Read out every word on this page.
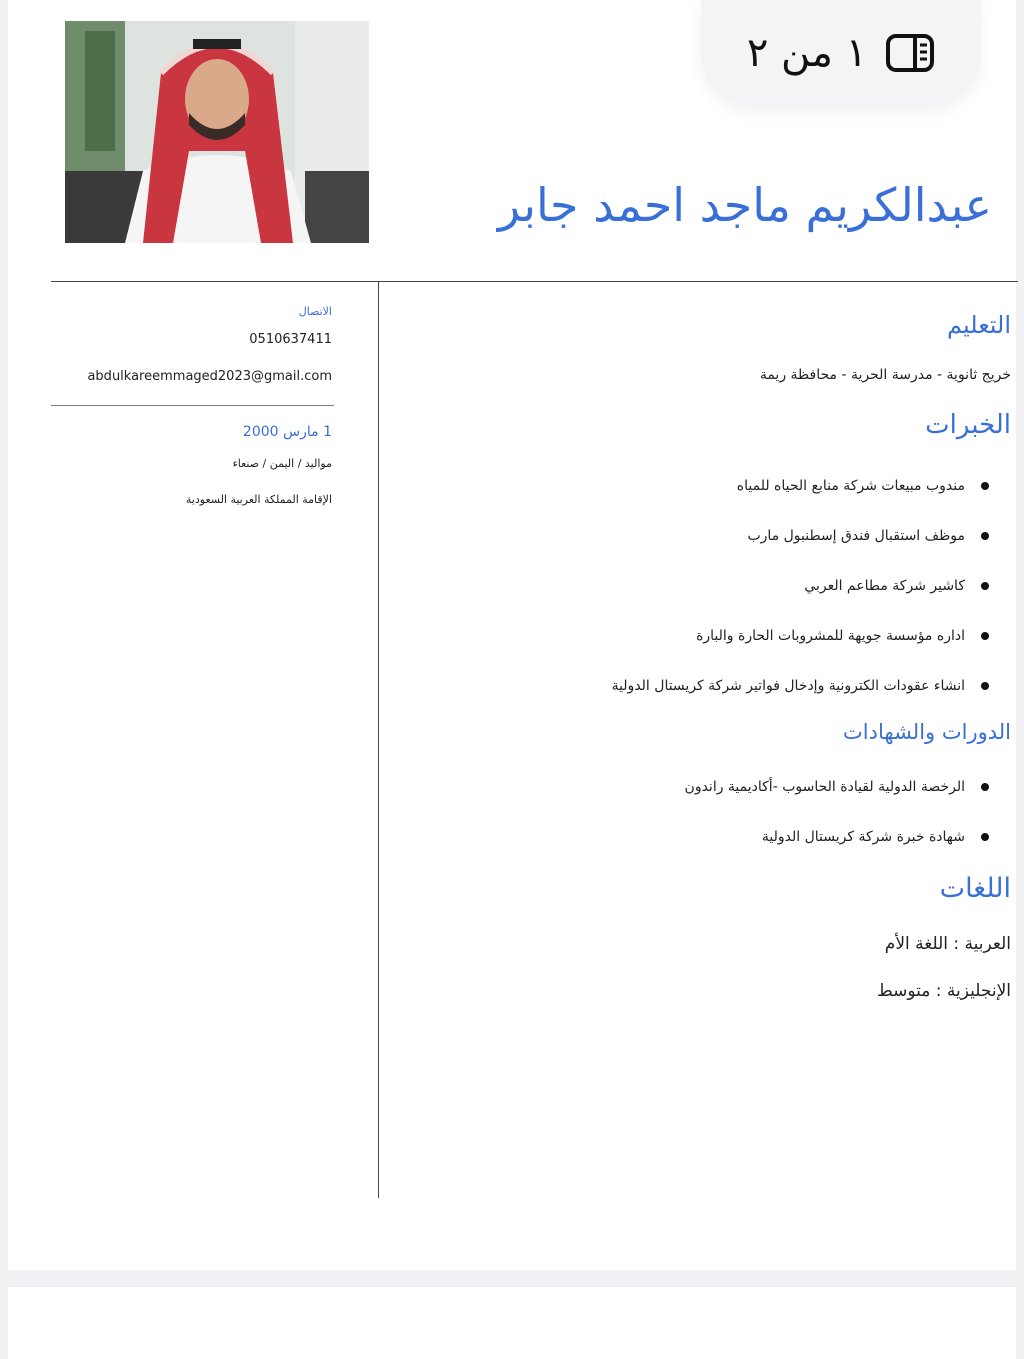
١ من ٢
عبدالكريم ماجد احمد جابر
الاتصال
0510637411
abdulkareemmaged2023@gmail.com
1 مارس 2000
مواليد / اليمن / صنعاء
الإقامة المملكة العربية السعودية
التعليم
خريج ثانوية - مدرسة الحرية - محافظة ريمة
الخبرات
مندوب مبيعات شركة منابع الحياه للمياه
موظف استقبال فندق إسطنبول مارب
كاشير شركة مطاعم العربي
اداره مؤسسة جويهة للمشروبات الحارة والبارة
انشاء عقودات الكترونية وإدخال فواتير شركة كريستال الدولية
الدورات والشهادات
الرخصة الدولية لقيادة الحاسوب -أكاديمية راندون
شهادة خبرة شركة كريستال الدولية
اللغات
العربية : اللغة الأم
الإنجليزية : متوسط
